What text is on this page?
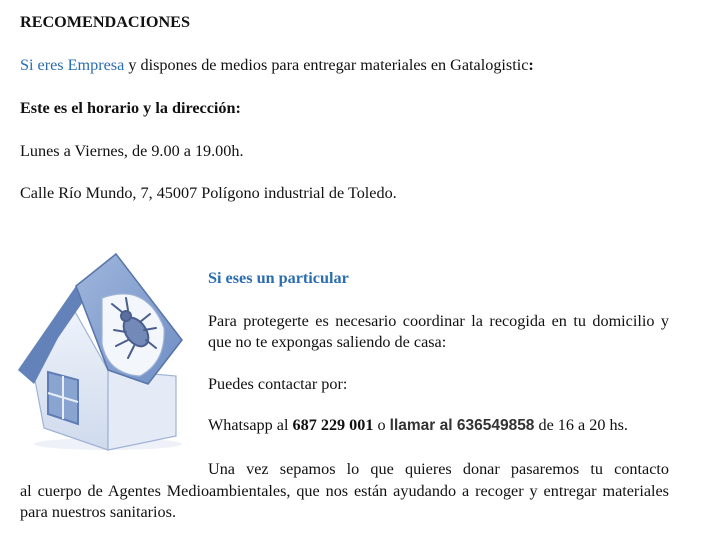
RECOMENDACIONES
Si eres Empresa y dispones de medios para entregar materiales en Gatalogistic:
Este es el horario y la dirección:
Lunes a Viernes, de 9.00 a 19.00h.
Calle Río Mundo, 7, 45007 Polígono industrial de Toledo.
Si eses un particular
Para protegerte es necesario coordinar la recogida en tu domicilio y que no te expongas saliendo de casa:
Puedes contactar por:
Whatsapp al 687 229 001 o llamar al 636549858 de 16 a 20 hs.
Una vez sepamos lo que quieres donar pasaremos tu contacto
al cuerpo de Agentes Medioambientales, que nos están ayudando a recoger y entregar materiales para nuestros sanitarios.
